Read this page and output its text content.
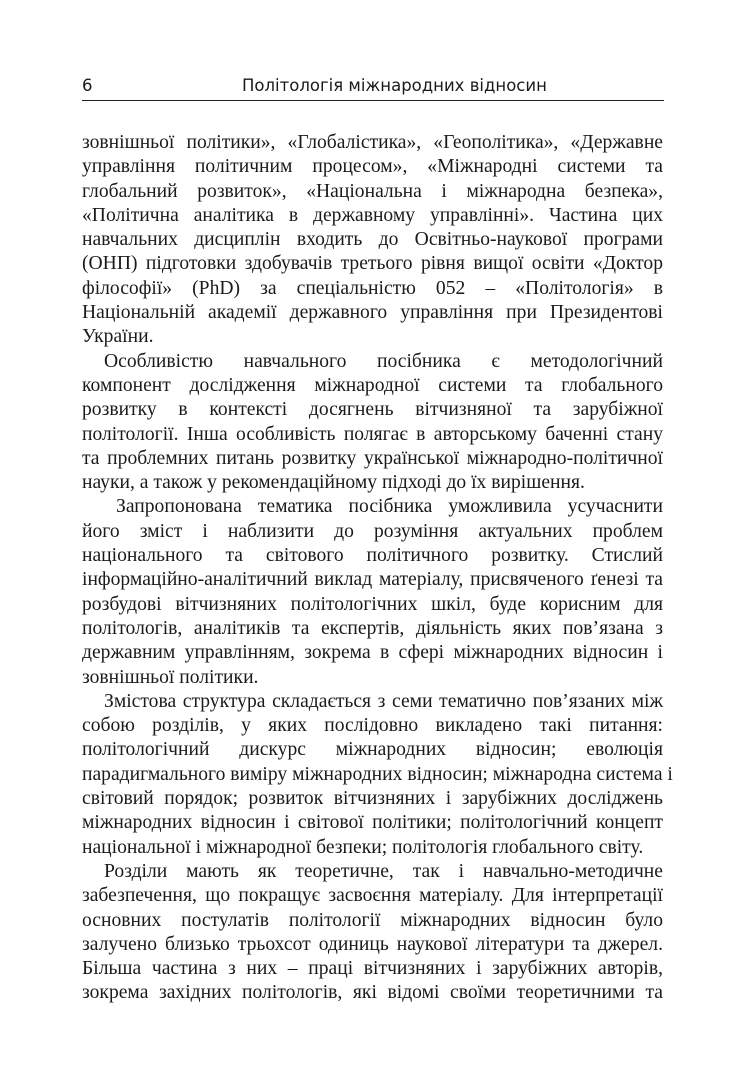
6	Політологія міжнародних відносин
зовнішньої політики», «Глобалістика», «Геополітика», «Державне
управління політичним процесом», «Міжнародні системи та
глобальний розвиток», «Національна і міжнародна безпека»,
«Політична аналітика в державному управлінні». Частина цих
навчальних дисциплін входить до Освітньо-наукової програми
(ОНП) підготовки здобувачів третього рівня вищої освіти «Доктор
філософії» (PhD) за спеціальністю 052 – «Політологія» в
Національній академії державного управління при Президентові
України.
Особливістю навчального посібника є методологічний
компонент дослідження міжнародної системи та глобального
розвитку в контексті досягнень вітчизняної та зарубіжної
політології. Інша особливість полягає в авторському баченні стану
та проблемних питань розвитку української міжнародно-політичної
науки, а також у рекомендаційному підході до їх вирішення.
Запропонована тематика посібника уможливила усучаснити
його зміст і наблизити до розуміння актуальних проблем
національного та світового політичного розвитку. Стислий
інформаційно-аналітичний виклад матеріалу, присвяченого ґенезі та
розбудові вітчизняних політологічних шкіл, буде корисним для
політологів, аналітиків та експертів, діяльність яких пов’язана з
державним управлінням, зокрема в сфері міжнародних відносин і
зовнішньої політики.
Змістова структура складається з семи тематично пов’язаних між
собою розділів, у яких послідовно викладено такі питання:
політологічний дискурс міжнародних відносин; еволюція
парадигмального виміру міжнародних відносин; міжнародна система і
світовий порядок; розвиток вітчизняних і зарубіжних досліджень
міжнародних відносин і світової політики; політологічний концепт
національної і міжнародної безпеки; політологія глобального світу.
Розділи мають як теоретичне, так і навчально-методичне
забезпечення, що покращує засвоєння матеріалу. Для інтерпретації
основних постулатів політології міжнародних відносин було
залучено близько трьохсот одиниць наукової літератури та джерел.
Більша частина з них – праці вітчизняних і зарубіжних авторів,
зокрема західних політологів, які відомі своїми теоретичними та
